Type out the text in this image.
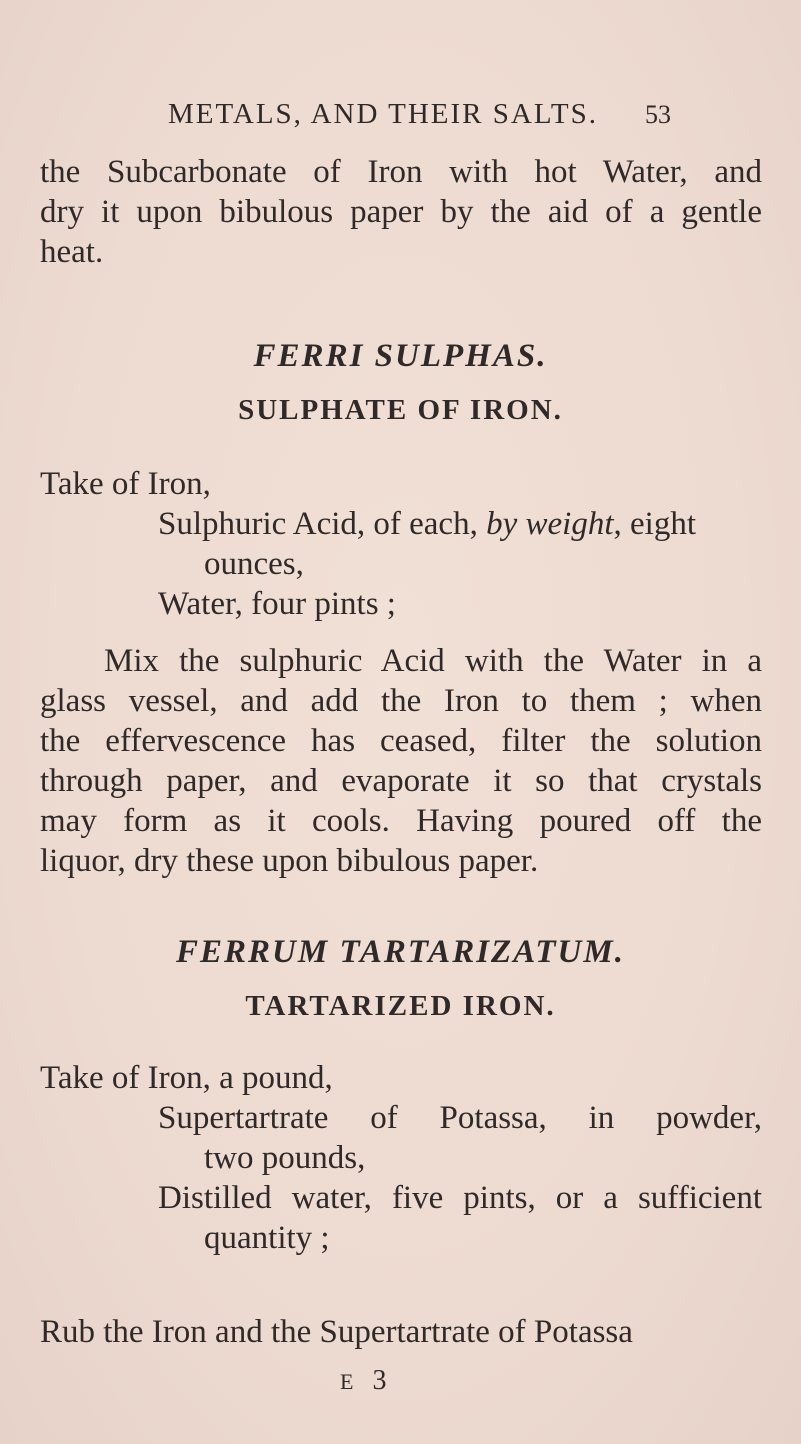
METALS, AND THEIR SALTS.	53

the Subcarbonate of Iron with hot Water, and
dry it upon bibulous paper by the aid of a gentle
heat.

FERRI SULPHAS.
SULPHATE OF IRON.
Take of Iron,
Sulphuric Acid, of each, by weight, eight
ounces,
Water, four pints ;

Mix the sulphuric Acid with the Water in a
glass vessel, and add the Iron to them ; when
the effervescence has ceased, filter the solution
through paper, and evaporate it so that crystals
may form as it cools. Having poured off the
liquor, dry these upon bibulous paper.

FERRUM TARTARIZATUM.
TARTARIZED IRON.
Take of Iron, a pound,
Supertartrate of Potassa, in powder,
two pounds,
Distilled water, five pints, or a sufficient
quantity ;

Rub the Iron and the Supertartrate of Potassa

E 3
